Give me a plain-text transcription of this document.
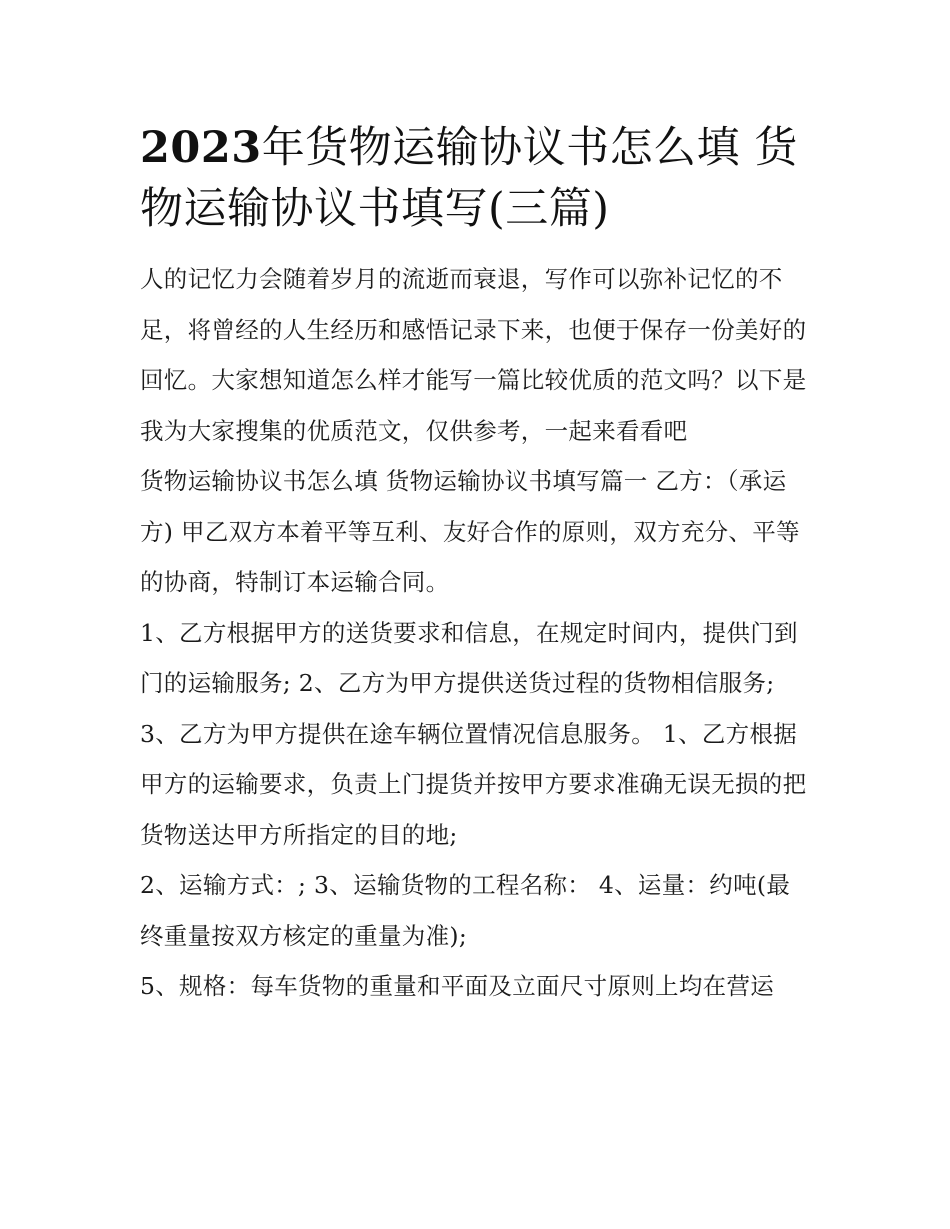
2023年货物运输协议书怎么填 货物运输协议书填写(三篇)

人的记忆力会随着岁月的流逝而衰退，写作可以弥补记忆的不足，将曾经的人生经历和感悟记录下来，也便于保存一份美好的回忆。大家想知道怎么样才能写一篇比较优质的范文吗？以下是我为大家搜集的优质范文，仅供参考，一起来看看吧

货物运输协议书怎么填 货物运输协议书填写篇一 乙方：（承运方) 甲乙双方本着平等互利、友好合作的原则，双方充分、平等的协商，特制订本运输合同。

1、乙方根据甲方的送货要求和信息，在规定时间内，提供门到门的运输服务; 2、乙方为甲方提供送货过程的货物相信服务;

3、乙方为甲方提供在途车辆位置情况信息服务。 1、乙方根据甲方的运输要求，负责上门提货并按甲方要求准确无误无损的把货物送达甲方所指定的目的地;

2、运输方式：; 3、运输货物的工程名称： 4、运量：约吨(最终重量按双方核定的重量为准);

5、规格：每车货物的重量和平面及立面尺寸原则上均在营运
